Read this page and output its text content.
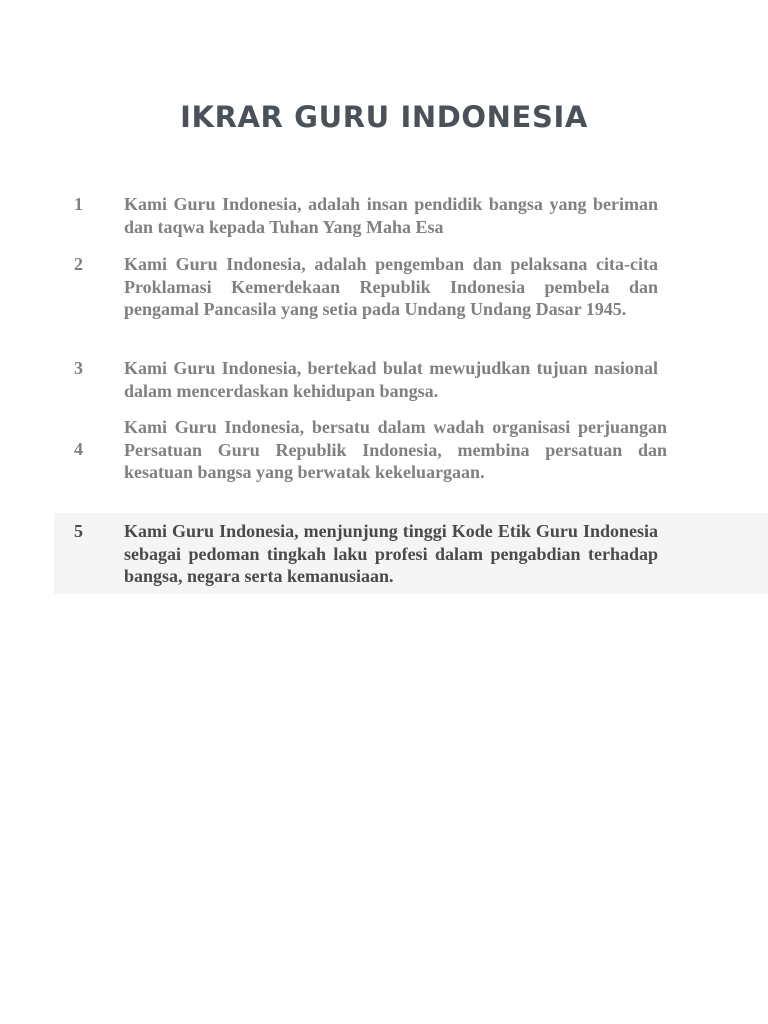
IKRAR GURU INDONESIA
1 Kami Guru Indonesia, adalah insan pendidik bangsa yang beriman dan taqwa kepada Tuhan Yang Maha Esa
2 Kami Guru Indonesia, adalah pengemban dan pelaksana cita-cita Proklamasi Kemerdekaan Republik Indonesia pembela dan pengamal Pancasila yang setia pada Undang Undang Dasar 1945.
3 Kami Guru Indonesia, bertekad bulat mewujudkan tujuan nasional dalam mencerdaskan kehidupan bangsa.
4
Kami Guru Indonesia, bersatu dalam wadah organisasi perjuangan Persatuan Guru Republik Indonesia, membina persatuan dan kesatuan bangsa yang berwatak kekeluargaan.
5 Kami Guru Indonesia, menjunjung tinggi Kode Etik Guru Indonesia sebagai pedoman tingkah laku profesi dalam pengabdian terhadap bangsa, negara serta kemanusiaan.
